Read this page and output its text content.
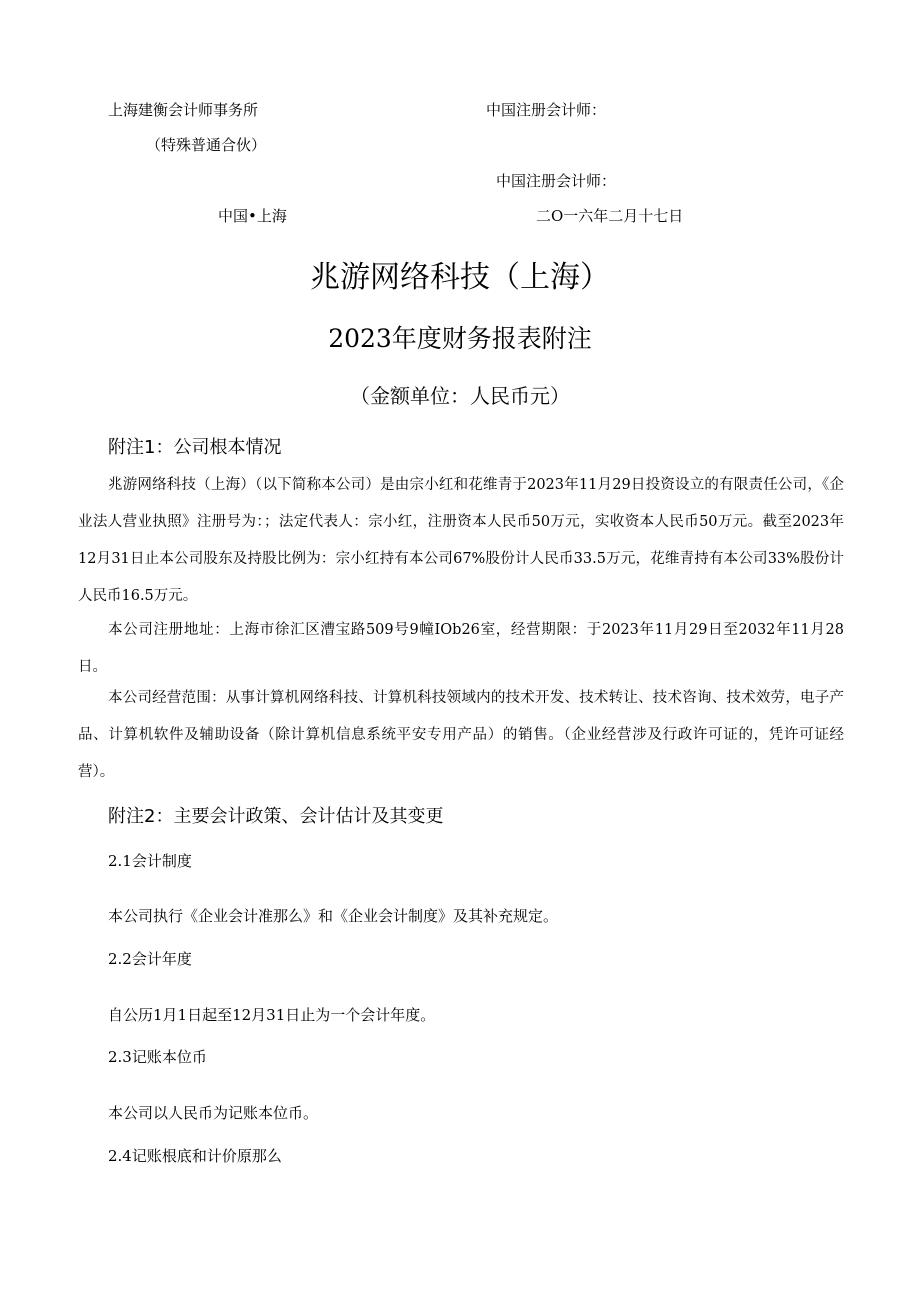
上海建衡会计师事务所	中国注册会计师：
（特殊普通合伙）
中国注册会计师：
中国•上海	二O一六年二月十七日
兆游网络科技（上海）
2023年度财务报表附注
（金额单位：人民币元）
附注1：公司根本情况

兆游网络科技（上海）（以下简称本公司）是由宗小红和花维青于2023年11月29日投资设立的有限责任公司，《企业法人营业执照》注册号为：；法定代表人：宗小红，注册资本人民币50万元，实收资本人民币50万元。截至2023年12月31日止本公司股东及持股比例为：宗小红持有本公司67%股份计人民币33.5万元，花维青持有本公司33%股份计人民币16.5万元。

本公司注册地址：上海市徐汇区漕宝路509号9幢IOb26室，经营期限：于2023年11月29日至2032年11月28日。

本公司经营范围：从事计算机网络科技、计算机科技领域内的技术开发、技术转让、技术咨询、技术效劳，电子产品、计算机软件及辅助设备（除计算机信息系统平安专用产品）的销售。（企业经营涉及行政许可证的，凭许可证经营）。

附注2：主要会计政策、会计估计及其变更
2.1会计制度
本公司执行《企业会计准那么》和《企业会计制度》及其补充规定。
2.2会计年度
自公历1月1日起至12月31日止为一个会计年度。
2.3记账本位币
本公司以人民币为记账本位币。
2.4记账根底和计价原那么
